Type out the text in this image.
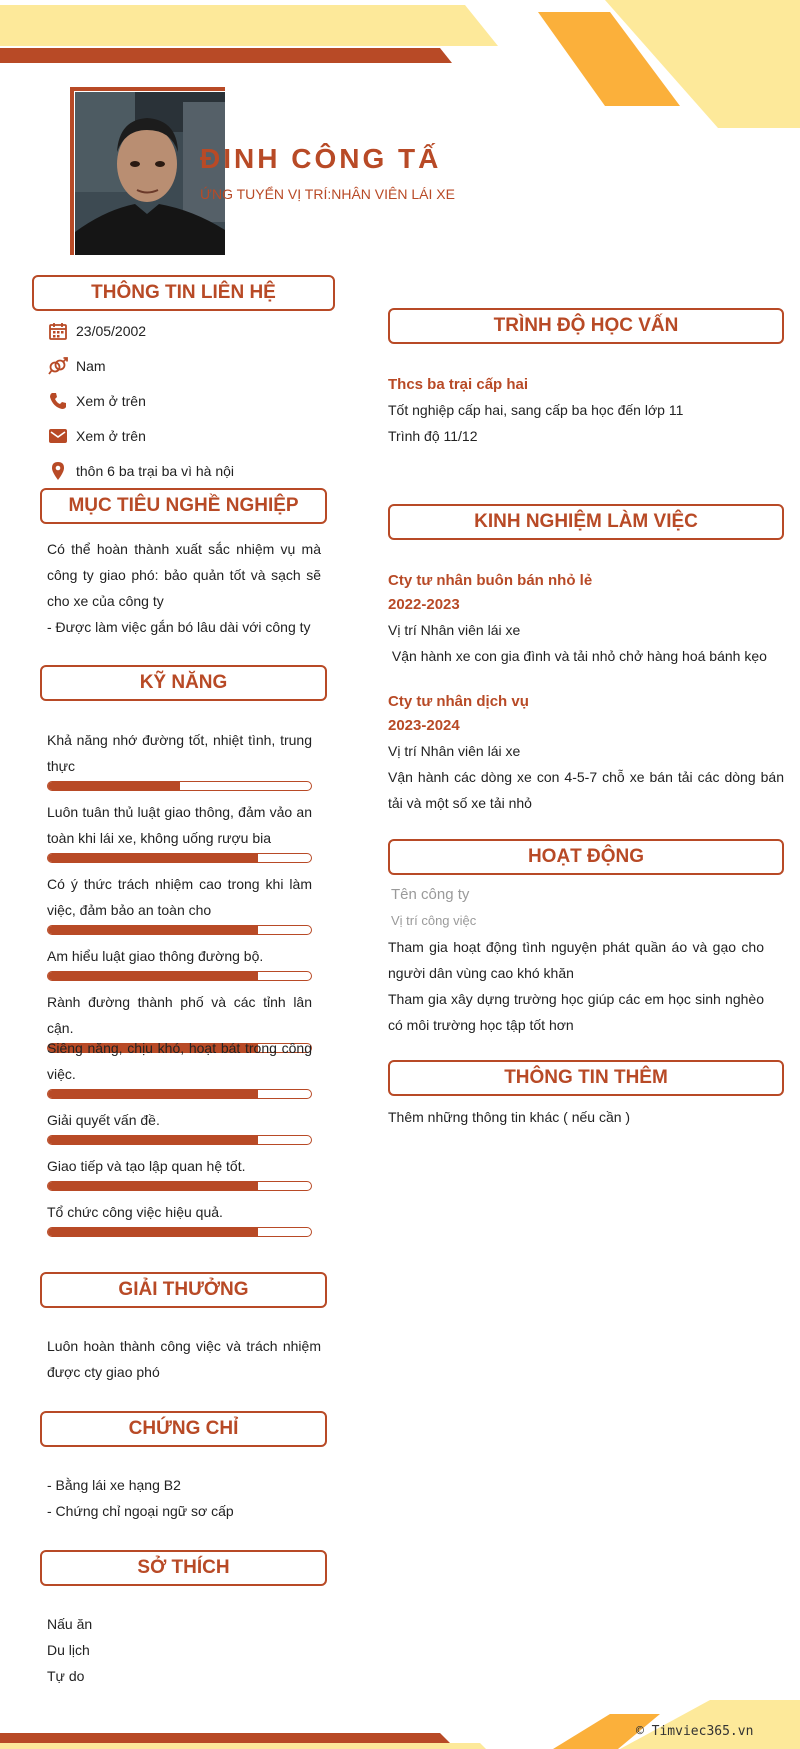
ĐINH CÔNG TẤ
ỨNG TUYỂN VỊ TRÍ:NHÂN VIÊN LÁI XE
THÔNG TIN LIÊN HỆ
23/05/2002
Nam
Xem ở trên
Xem ở trên
thôn 6 ba trại ba vì hà nội
MỤC TIÊU NGHỀ NGHIỆP
Có thể hoàn thành xuất sắc nhiệm vụ mà công ty giao phó: bảo quản tốt và sạch sẽ cho xe của công ty
- Được làm việc gắn bó lâu dài với công ty
KỸ NĂNG
Khả năng nhớ đường tốt, nhiệt tình, trung thực
Luôn tuân thủ luật giao thông, đảm vảo an toàn khi lái xe, không uống rượu bia
Có ý thức trách nhiệm cao trong khi làm việc, đảm bảo an toàn cho
Am hiểu luật giao thông đường bộ.
Rành đường thành phố và các tỉnh lân cận.
Siêng năng, chịu khó, hoạt bát trong công việc.
Giải quyết vấn đề.
Giao tiếp và tạo lập quan hệ tốt.
Tổ chức công việc hiệu quả.
GIẢI THƯỞNG
Luôn hoàn thành công việc và trách nhiệm được cty giao phó
CHỨNG CHỈ
- Bằng lái xe hạng B2
- Chứng chỉ ngoại ngữ sơ cấp
SỞ THÍCH
Nấu ăn
Du lịch
Tự do
TRÌNH ĐỘ HỌC VẤN
Thcs ba trại cấp hai
Tốt nghiệp cấp hai, sang cấp ba học đến lớp 11
Trình độ 11/12
KINH NGHIỆM LÀM VIỆC
Cty tư nhân buôn bán nhỏ lẻ
2022-2023
Vị trí Nhân viên lái xe
Vận hành xe con gia đình và tải nhỏ chở hàng hoá bánh kẹo
Cty tư nhân dịch vụ
2023-2024
Vị trí Nhân viên lái xe
Vận hành các dòng xe con 4-5-7 chỗ xe bán tải các dòng bán tải và một số xe tải nhỏ
HOẠT ĐỘNG
Tên công ty
Vị trí công việc
Tham gia hoạt động tình nguyện phát quần áo và gạo cho người dân vùng cao khó khăn
Tham gia xây dựng trường học giúp các em học sinh nghèo có môi trường học tập tốt hơn
THÔNG TIN THÊM
Thêm những thông tin khác ( nếu cần )
© Timviec365.vn
